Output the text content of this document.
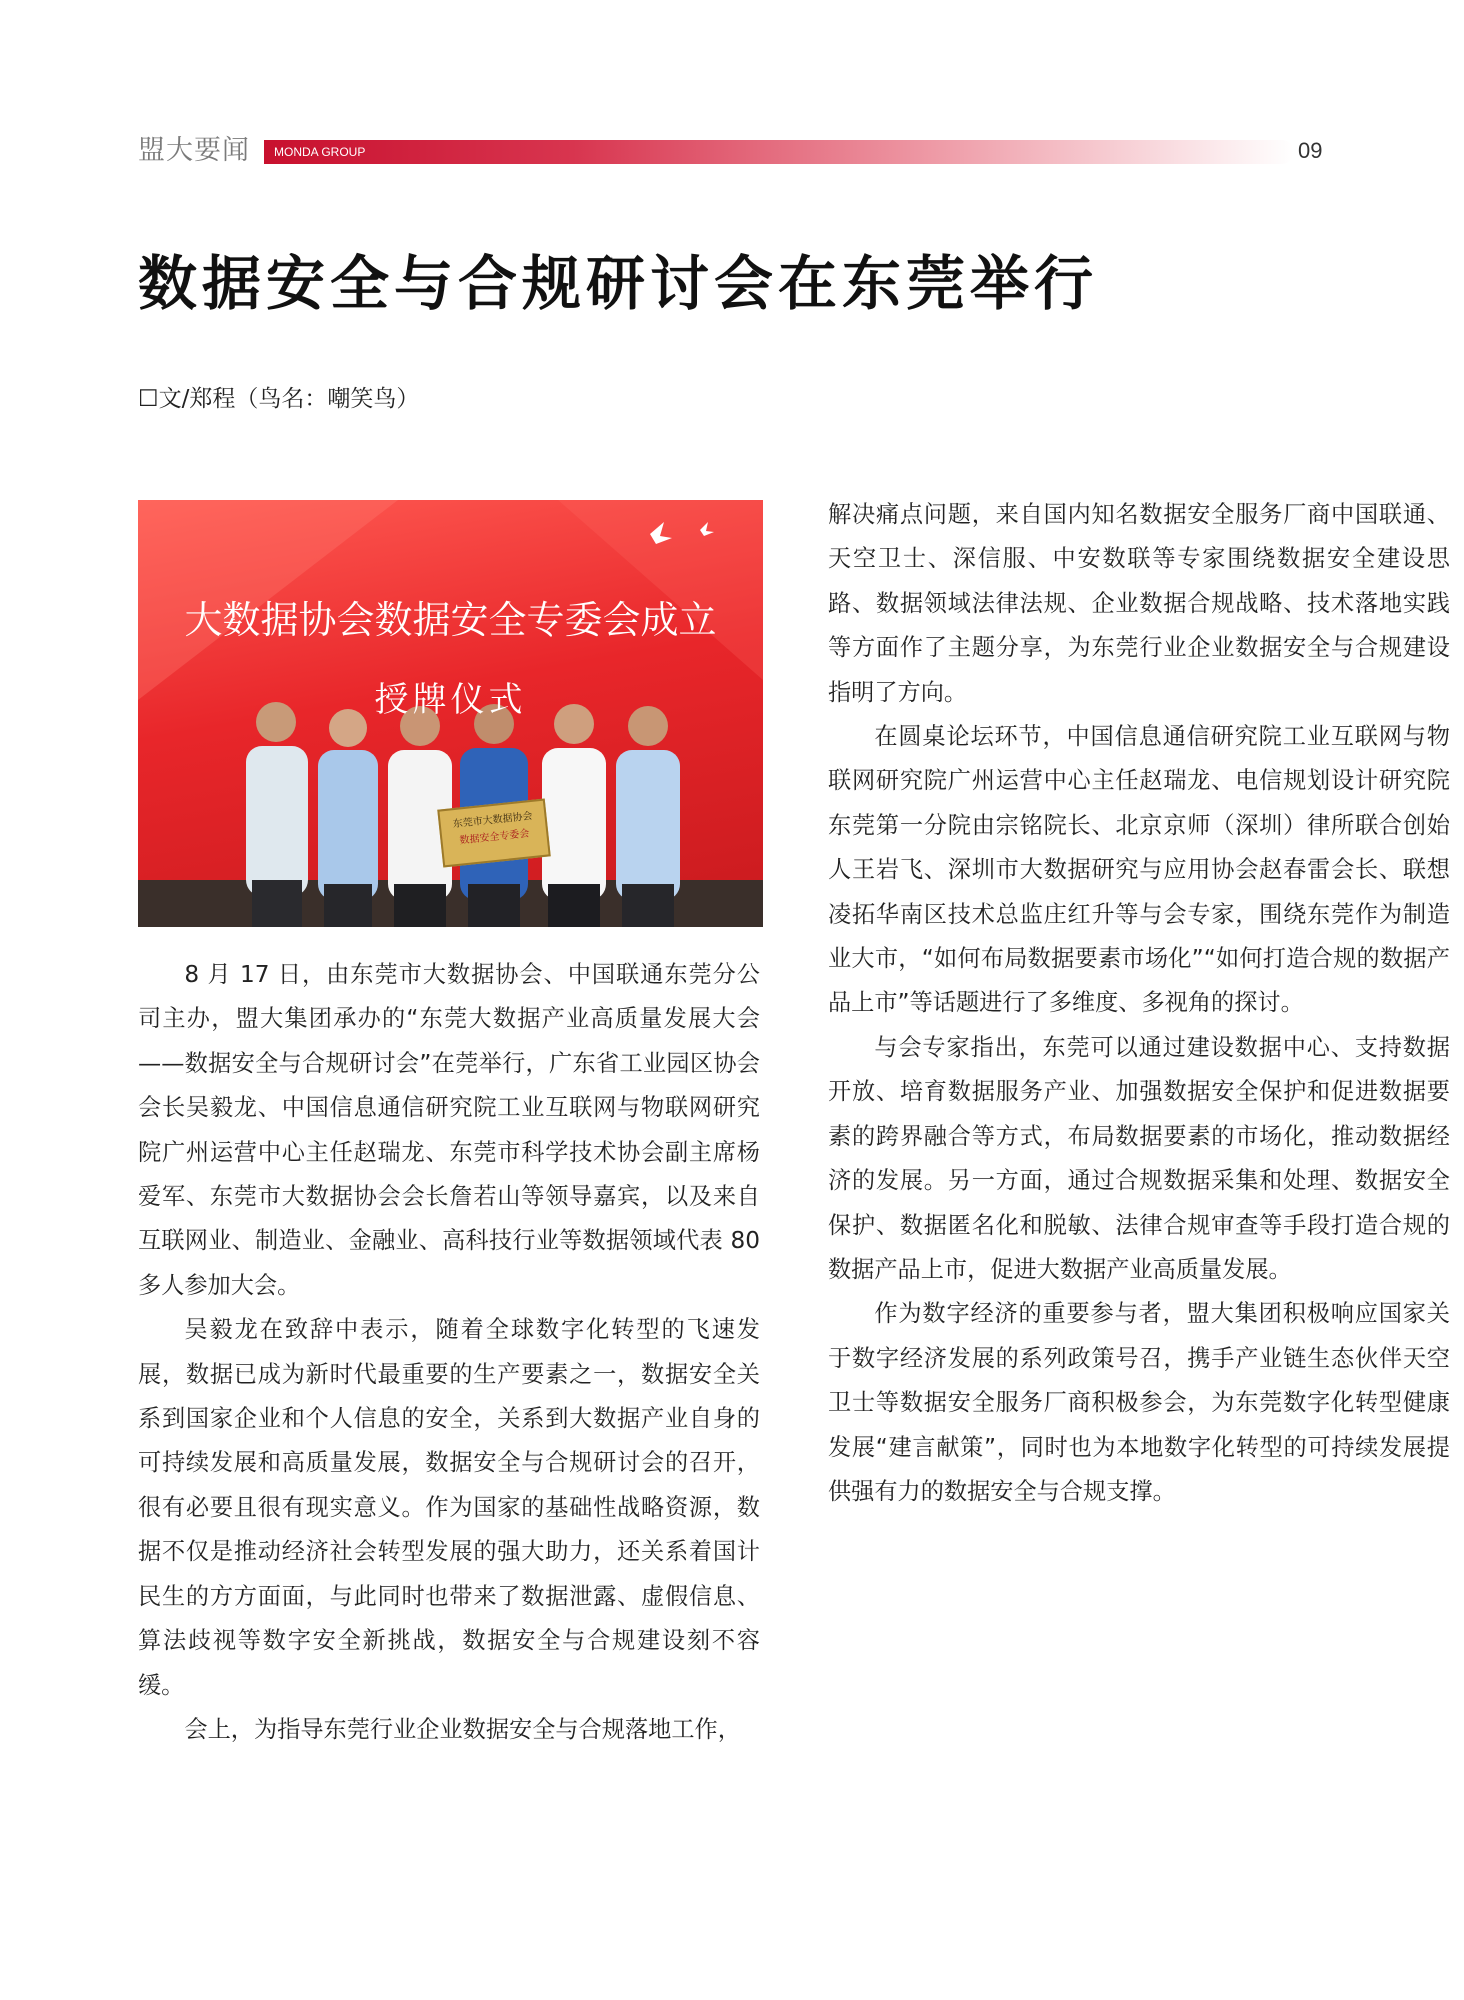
盟大要闻 MONDA GROUP	09
数据安全与合规研讨会在东莞举行
☐文/郑程（鸟名：嘲笑鸟）
大数据协会数据安全专委会成立
授牌仪式
东莞市大数据协会
数据安全专委会

8 月 17 日，由东莞市大数据协会、中国联通东莞分公司主办，盟大集团承办的“东莞大数据产业高质量发展大会——数据安全与合规研讨会”在莞举行，广东省工业园区协会会长吴毅龙、中国信息通信研究院工业互联网与物联网研究院广州运营中心主任赵瑞龙、东莞市科学技术协会副主席杨爱军、东莞市大数据协会会长詹若山等领导嘉宾，以及来自互联网业、制造业、金融业、高科技行业等数据领域代表 80 多人参加大会。

吴毅龙在致辞中表示，随着全球数字化转型的飞速发展，数据已成为新时代最重要的生产要素之一，数据安全关系到国家企业和个人信息的安全，关系到大数据产业自身的可持续发展和高质量发展，数据安全与合规研讨会的召开，很有必要且很有现实意义。作为国家的基础性战略资源，数据不仅是推动经济社会转型发展的强大助力，还关系着国计民生的方方面面，与此同时也带来了数据泄露、虚假信息、算法歧视等数字安全新挑战，数据安全与合规建设刻不容缓。

会上，为指导东莞行业企业数据安全与合规落地工作，

解决痛点问题，来自国内知名数据安全服务厂商中国联通、天空卫士、深信服、中安数联等专家围绕数据安全建设思路、数据领域法律法规、企业数据合规战略、技术落地实践等方面作了主题分享，为东莞行业企业数据安全与合规建设指明了方向。

在圆桌论坛环节，中国信息通信研究院工业互联网与物联网研究院广州运营中心主任赵瑞龙、电信规划设计研究院东莞第一分院由宗铭院长、北京京师（深圳）律所联合创始人王岩飞、深圳市大数据研究与应用协会赵春雷会长、联想凌拓华南区技术总监庄红升等与会专家，围绕东莞作为制造业大市，“如何布局数据要素市场化”“如何打造合规的数据产品上市”等话题进行了多维度、多视角的探讨。

与会专家指出，东莞可以通过建设数据中心、支持数据开放、培育数据服务产业、加强数据安全保护和促进数据要素的跨界融合等方式，布局数据要素的市场化，推动数据经济的发展。另一方面，通过合规数据采集和处理、数据安全保护、数据匿名化和脱敏、法律合规审查等手段打造合规的数据产品上市，促进大数据产业高质量发展。

作为数字经济的重要参与者，盟大集团积极响应国家关于数字经济发展的系列政策号召，携手产业链生态伙伴天空卫士等数据安全服务厂商积极参会，为东莞数字化转型健康发展“建言献策”，同时也为本地数字化转型的可持续发展提供强有力的数据安全与合规支撑。
